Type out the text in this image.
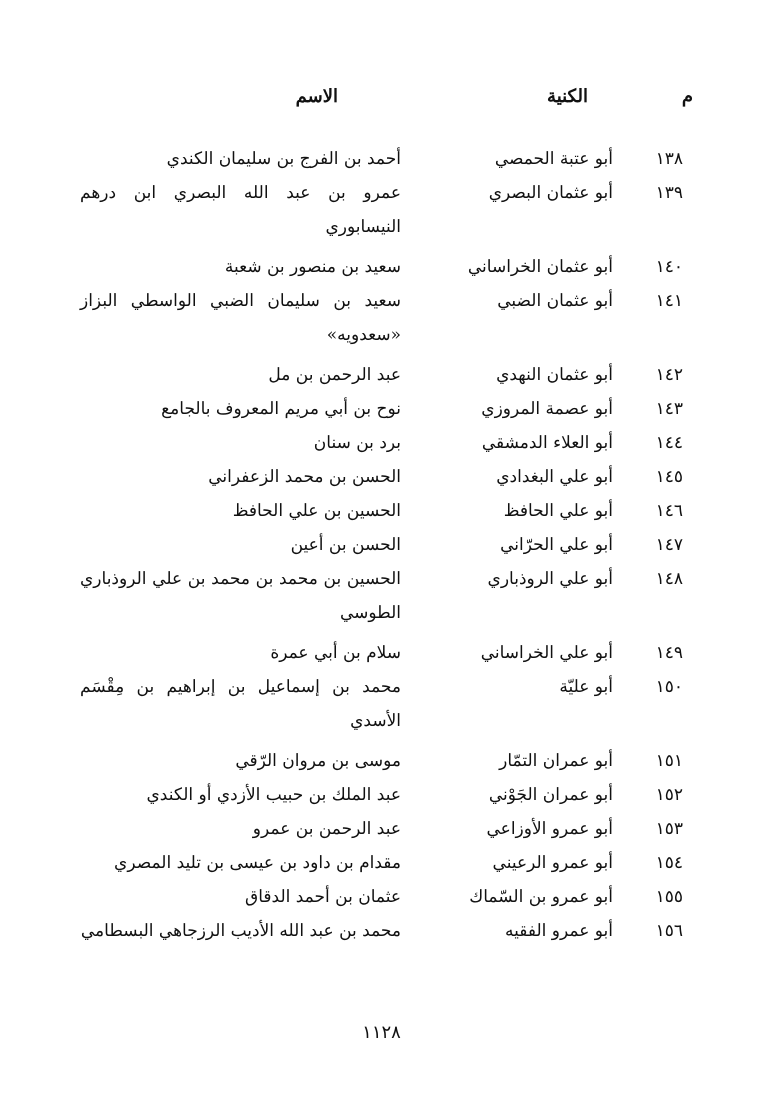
م
الكنية
الاسم
١٣٨
أبو عتبة الحمصي
أحمد بن الفرج بن سليمان الكندي
١٣٩
أبو عثمان البصري
عمرو بن عبد الله البصري ابن درهم النيسابوري
١٤٠
أبو عثمان الخراساني
سعيد بن منصور بن شعبة
١٤١
أبو عثمان الضبي
سعيد بن سليمان الضبي الواسطي البزاز «سعدويه»
١٤٢
أبو عثمان النهدي
عبد الرحمن بن مل
١٤٣
أبو عصمة المروزي
نوح بن أبي مريم المعروف بالجامع
١٤٤
أبو العلاء الدمشقي
برد بن سنان
١٤٥
أبو علي البغدادي
الحسن بن محمد الزعفراني
١٤٦
أبو علي الحافظ
الحسين بن علي الحافظ
١٤٧
أبو علي الحرّاني
الحسن بن أعين
١٤٨
أبو علي الروذباري
الحسين بن محمد بن محمد بن علي الروذباري الطوسي
١٤٩
أبو علي الخراساني
سلام بن أبي عمرة
١٥٠
أبو عليّة
محمد بن إسماعيل بن إبراهيم بن مِقْسَم الأسدي
١٥١
أبو عمران التمّار
موسى بن مروان الرّقي
١٥٢
أبو عمران الجَوْني
عبد الملك بن حبيب الأزدي أو الكندي
١٥٣
أبو عمرو الأوزاعي
عبد الرحمن بن عمرو
١٥٤
أبو عمرو الرعيني
مقدام بن داود بن عيسى بن تليد المصري
١٥٥
أبو عمرو بن السّماك
عثمان بن أحمد الدقاق
١٥٦
أبو عمرو الفقيه
محمد بن عبد الله الأديب الرزجاهي البسطامي
١١٢٨
